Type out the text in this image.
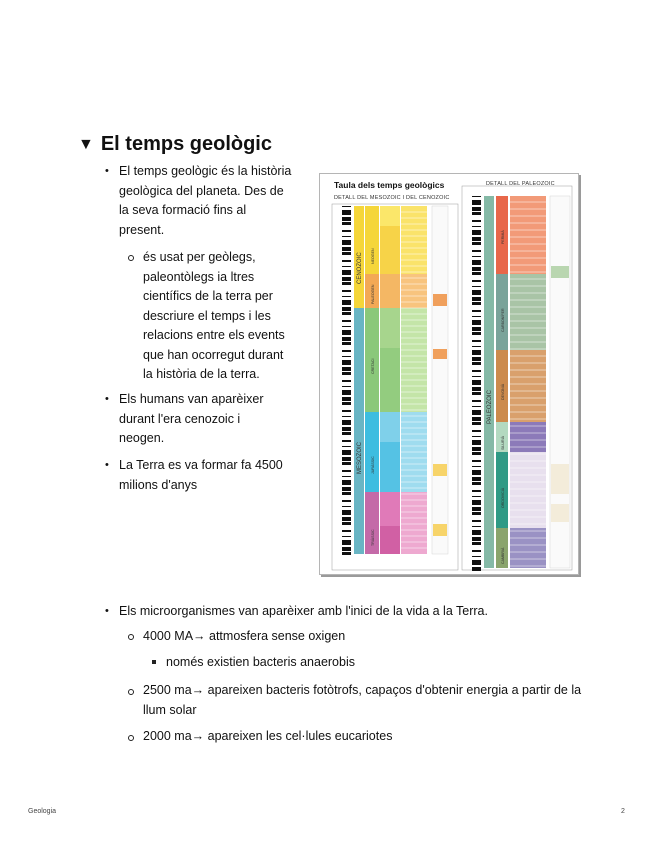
▼ El temps geològic
• El temps geològic és la història geològica del planeta. Des de la seva formació fins al present.
és usat per geòlegs, paleontòlegs ia ltres científics de la terra per descriure el temps i les relacions entre els events que han ocorregut durant la història de la terra.
• Els humans van aparèixer durant l'era cenozoic i neogen.
• La Terra es va formar fa 4500 milions d'anys
• Els microorganismes van aparèixer amb l'inici de la vida a la Terra.
4000 MA→ attmosfera sense oxigen
només existien bacteris anaerobis
2500 ma→ apareixen bacteris fotòtrofs, capaços d'obtenir energia a partir de la llum solar
2000 ma→ apareixen les cel·lules eucariotes
Taula dels temps geològics
DETALL DEL MESOZOIC I DEL CENOZOIC
DETALL DEL PALEOZOIC
CENOZOIC
MESOZOIC
PALEOZOIC
NEOGEN
PALEOGEN
CRETACI
JURÀSSIC
TRIÀSSIC
PERMIÀ
CARBONÍFER
DEVONIÀ
SILURIÀ
ORDOVICIÀ
CAMBRIÀ
Geologia	2
